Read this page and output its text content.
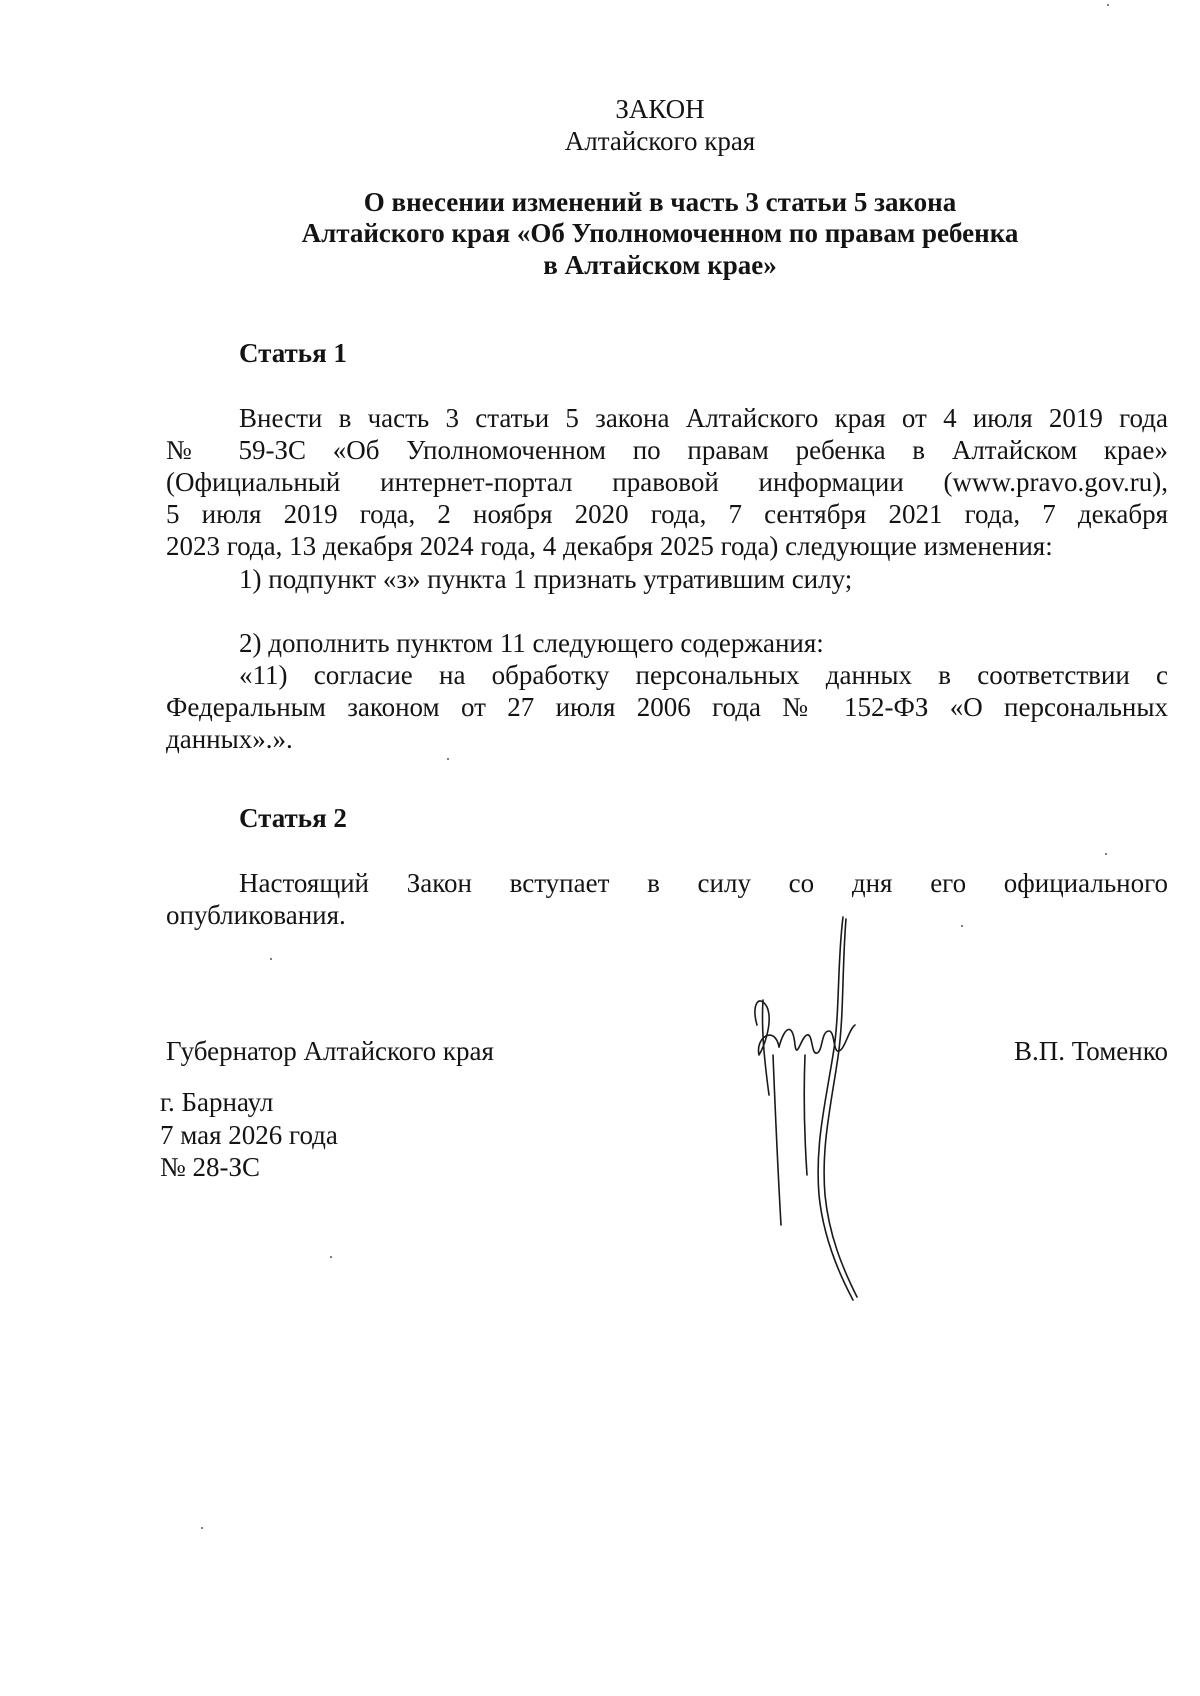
ЗАКОН
Алтайского края
О внесении изменений в часть 3 статьи 5 закона
Алтайского края «Об Уполномоченном по правам ребенка
в Алтайском крае»
Статья 1
Внести в часть 3 статьи 5 закона Алтайского края от 4 июля 2019 года
№ 59-ЗС «Об Уполномоченном по правам ребенка в Алтайском крае»
(Официальный интернет-портал правовой информации (www.pravo.gov.ru),
5 июля 2019 года, 2 ноября 2020 года, 7 сентября 2021 года, 7 декабря
2023 года, 13 декабря 2024 года, 4 декабря 2025 года) следующие изменения:
1) подпункт «з» пункта 1 признать утратившим силу;
2) дополнить пунктом 11 следующего содержания:
«11) согласие на обработку персональных данных в соответствии с
Федеральным законом от 27 июля 2006 года № 152-ФЗ «О персональных
данных».».
Статья 2
Настоящий Закон вступает в силу со дня его официального
опубликования.
Губернатор Алтайского края	В.П. Томенко
г. Барнаул
7 мая 2026 года
№ 28-ЗС
